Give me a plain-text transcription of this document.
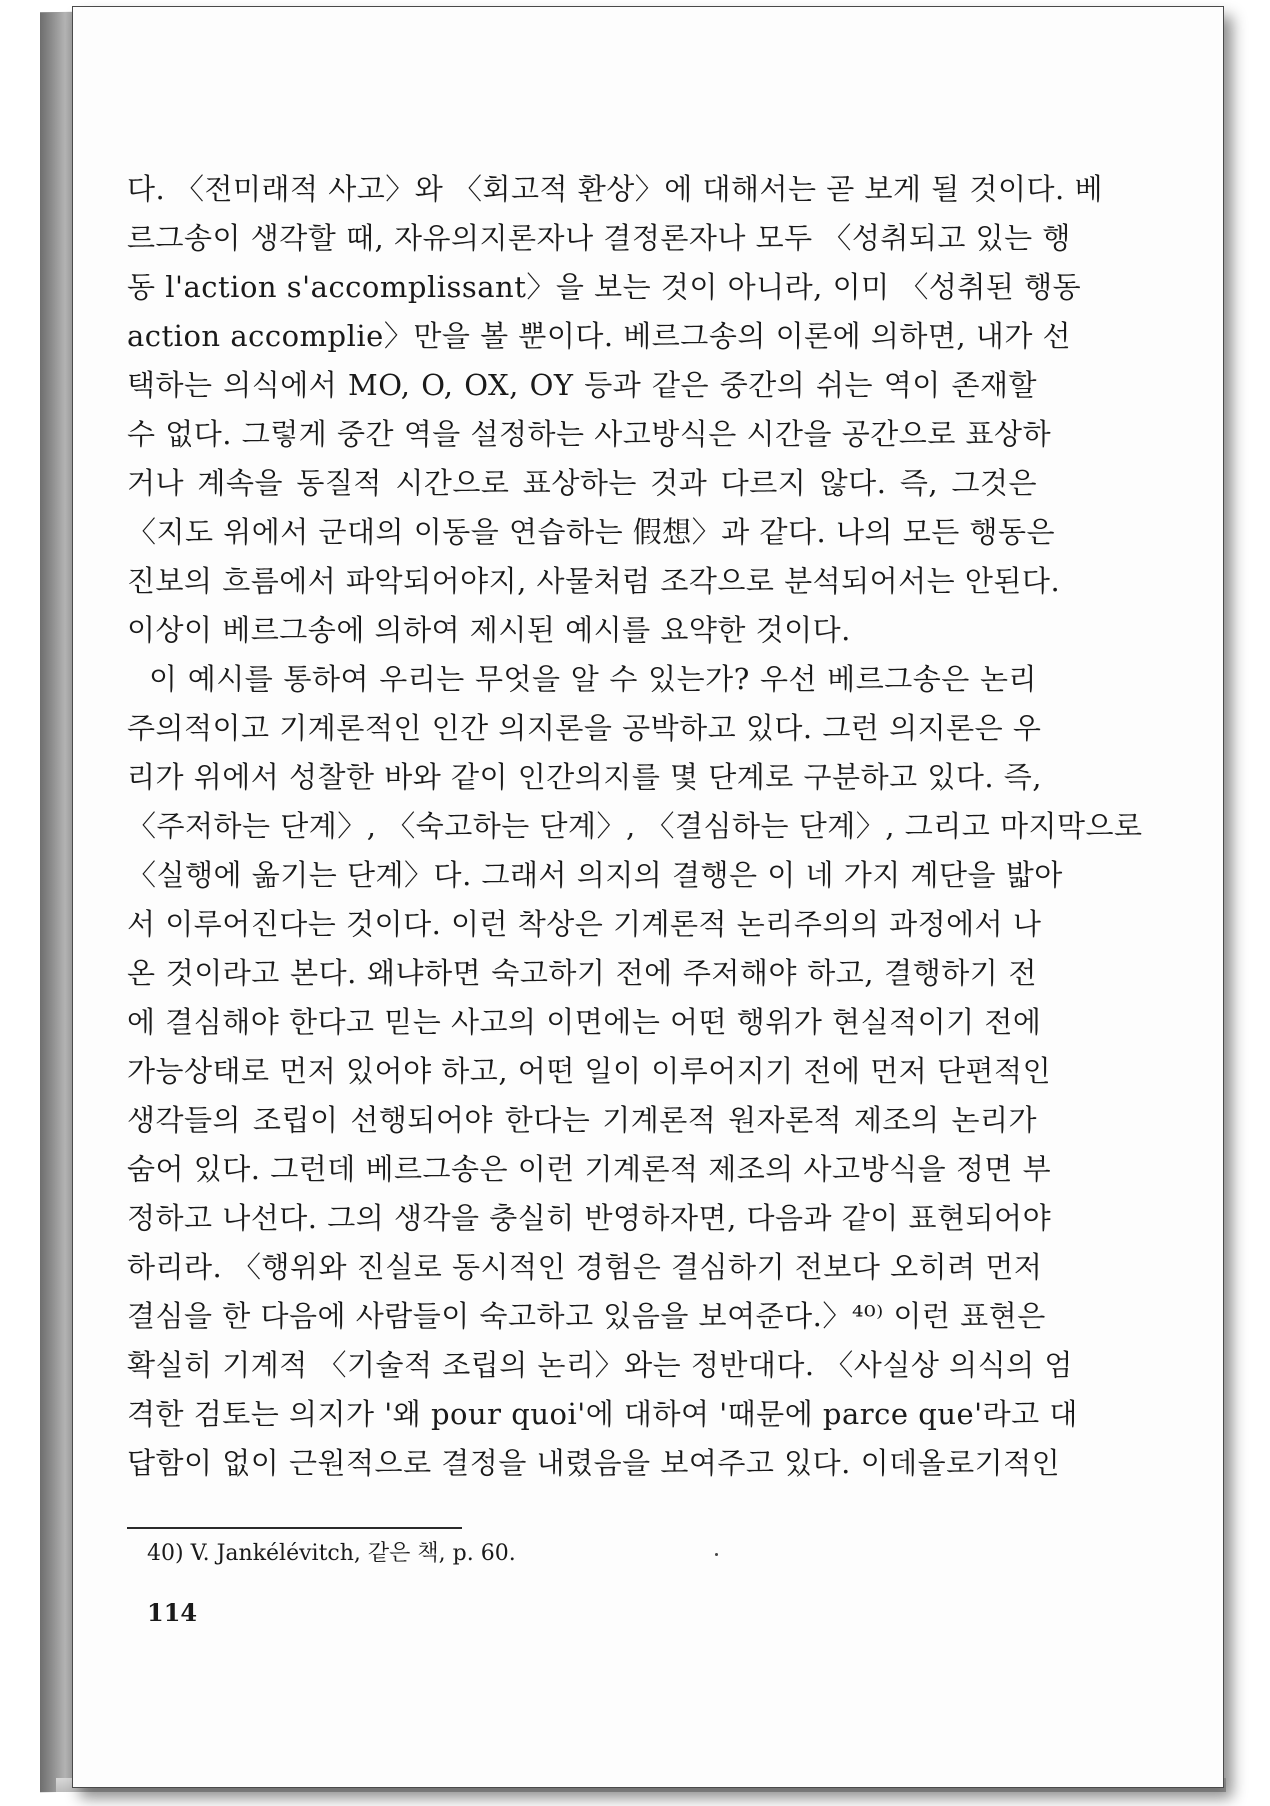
다. 〈전미래적 사고〉와 〈회고적 환상〉에 대해서는 곧 보게 될 것이다. 베
르그송이 생각할 때, 자유의지론자나 결정론자나 모두 〈성취되고 있는 행
동 l'action s'accomplissant〉을 보는 것이 아니라, 이미 〈성취된 행동
action accomplie〉만을 볼 뿐이다. 베르그송의 이론에 의하면, 내가 선
택하는 의식에서 MO, O, OX, OY 등과 같은 중간의 쉬는 역이 존재할
수 없다. 그렇게 중간 역을 설정하는 사고방식은 시간을 공간으로 표상하
거나 계속을 동질적 시간으로 표상하는 것과 다르지 않다. 즉, 그것은
〈지도 위에서 군대의 이동을 연습하는 假想〉과 같다. 나의 모든 행동은
진보의 흐름에서 파악되어야지, 사물처럼 조각으로 분석되어서는 안된다.
이상이 베르그송에 의하여 제시된 예시를 요약한 것이다.
이 예시를 통하여 우리는 무엇을 알 수 있는가? 우선 베르그송은 논리
주의적이고 기계론적인 인간 의지론을 공박하고 있다. 그런 의지론은 우
리가 위에서 성찰한 바와 같이 인간의지를 몇 단계로 구분하고 있다. 즉,
〈주저하는 단계〉, 〈숙고하는 단계〉, 〈결심하는 단계〉, 그리고 마지막으로
〈실행에 옮기는 단계〉다. 그래서 의지의 결행은 이 네 가지 계단을 밟아
서 이루어진다는 것이다. 이런 착상은 기계론적 논리주의의 과정에서 나
온 것이라고 본다. 왜냐하면 숙고하기 전에 주저해야 하고, 결행하기 전
에 결심해야 한다고 믿는 사고의 이면에는 어떤 행위가 현실적이기 전에
가능상태로 먼저 있어야 하고, 어떤 일이 이루어지기 전에 먼저 단편적인
생각들의 조립이 선행되어야 한다는 기계론적 원자론적 제조의 논리가
숨어 있다. 그런데 베르그송은 이런 기계론적 제조의 사고방식을 정면 부
정하고 나선다. 그의 생각을 충실히 반영하자면, 다음과 같이 표현되어야
하리라. 〈행위와 진실로 동시적인 경험은 결심하기 전보다 오히려 먼저
결심을 한 다음에 사람들이 숙고하고 있음을 보여준다.〉⁴⁰⁾ 이런 표현은
확실히 기계적 〈기술적 조립의 논리〉와는 정반대다. 〈사실상 의식의 엄
격한 검토는 의지가 '왜 pour quoi'에 대하여 '때문에 parce que'라고 대
답함이 없이 근원적으로 결정을 내렸음을 보여주고 있다. 이데올로기적인
40) V. Jankélévitch, 같은 책, p. 60.
114
